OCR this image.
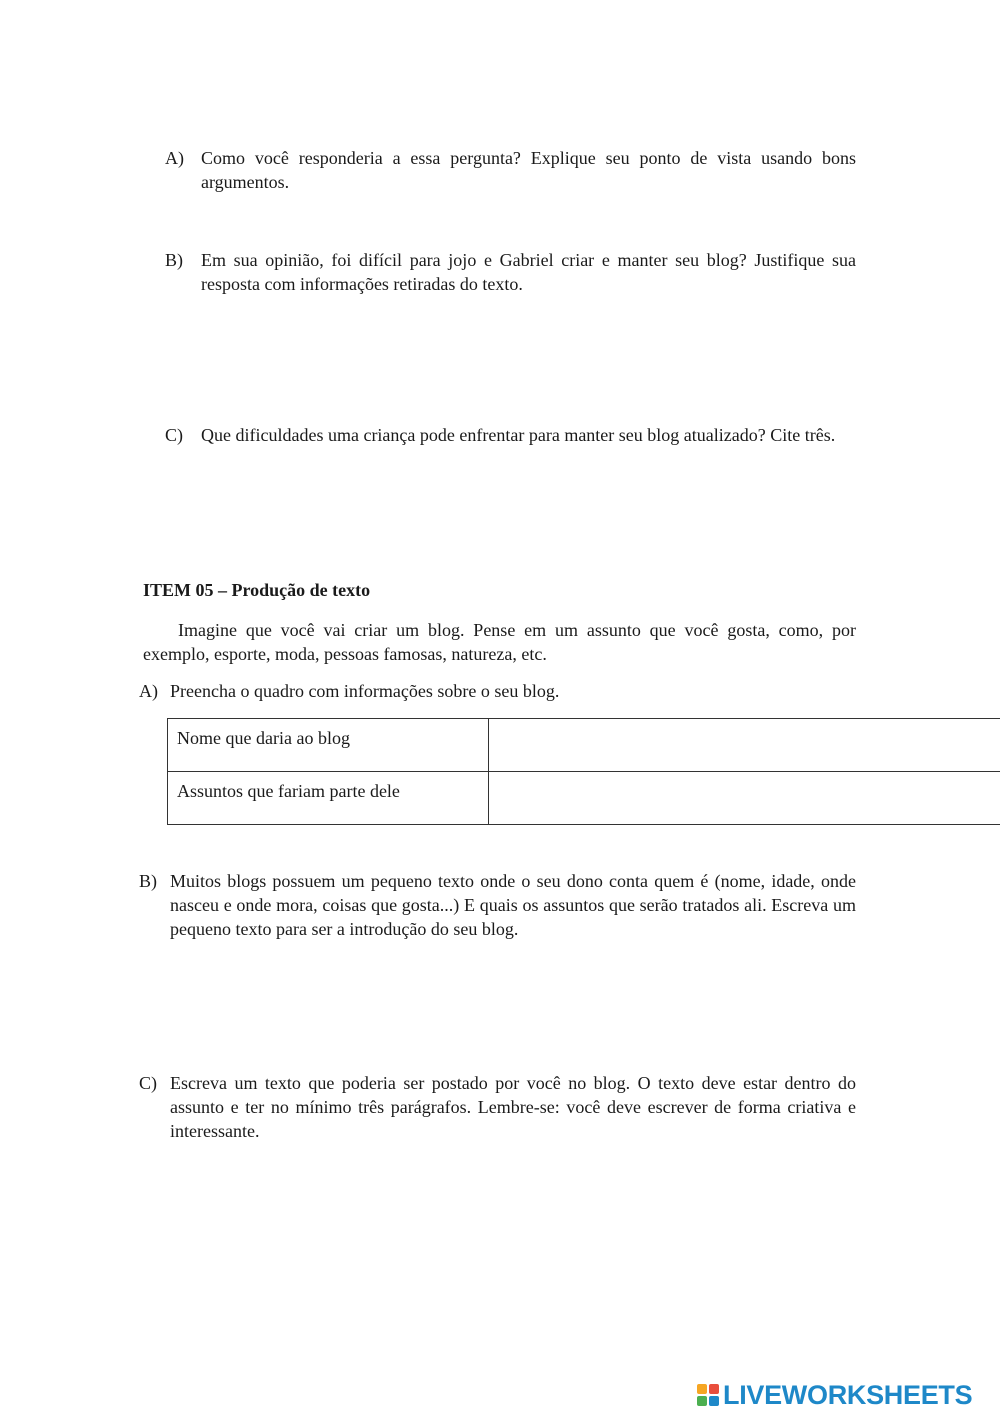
A) Como você responderia a essa pergunta? Explique seu ponto de vista usando bons argumentos.
B) Em sua opinião, foi difícil para jojo e Gabriel criar e manter seu blog? Justifique sua resposta com informações retiradas do texto.
C) Que dificuldades uma criança pode enfrentar para manter seu blog atualizado? Cite três.
ITEM 05 – Produção de texto

Imagine que você vai criar um blog. Pense em um assunto que você gosta, como, por exemplo, esporte, moda, pessoas famosas, natureza, etc.

A) Preencha o quadro com informações sobre o seu blog.
Nome que daria ao blog	
Assuntos que fariam parte dele	
B) Muitos blogs possuem um pequeno texto onde o seu dono conta quem é (nome, idade, onde nasceu e onde mora, coisas que gosta...) E quais os assuntos que serão tratados ali. Escreva um pequeno texto para ser a introdução do seu blog.
C) Escreva um texto que poderia ser postado por você no blog. O texto deve estar dentro do assunto e ter no mínimo três parágrafos. Lembre-se: você deve escrever de forma criativa e interessante.
LIVEWORKSHEETS
